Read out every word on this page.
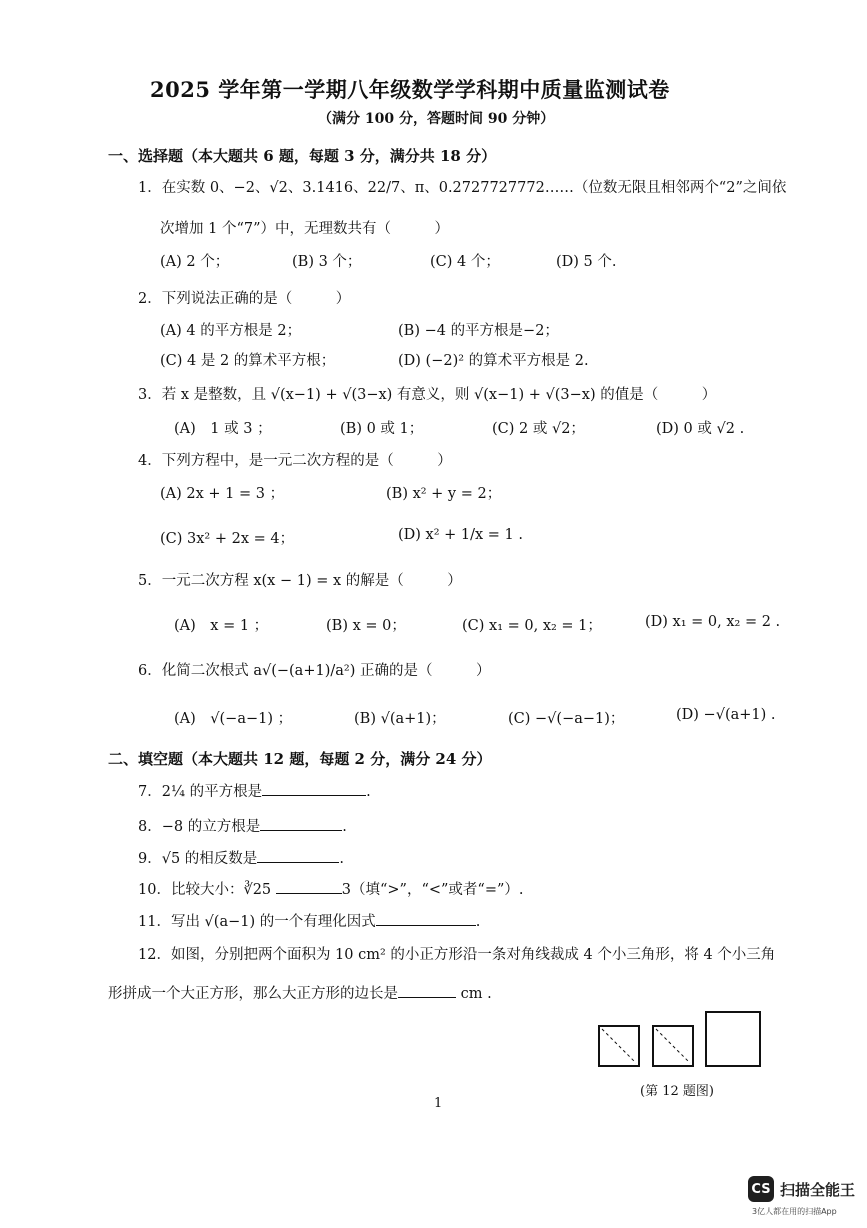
2025 学年第一学期八年级数学学科期中质量监测试卷
（满分 100 分，答题时间 90 分钟）
一、选择题（本大题共 6 题，每题 3 分，满分共 18 分）
1．在实数 0、−2、√2、3.1416、22/7、π、0.2727727772……（位数无限且相邻两个“2”之间依
次增加 1 个“7”）中，无理数共有（　　　）
(A) 2 个；	(B) 3 个；	(C) 4 个；	(D) 5 个.
2．下列说法正确的是（　　　）
(A) 4 的平方根是 2；	(B) −4 的平方根是−2；
(C) 4 是 2 的算术平方根；	(D) (−2)² 的算术平方根是 2.
3．若 x 是整数，且 √(x−1) + √(3−x) 有意义，则 √(x−1) + √(3−x) 的值是（　　　）
(A)　1 或 3 ；	(B) 0 或 1；	(C) 2 或 √2；	(D) 0 或 √2 .
4．下列方程中，是一元二次方程的是（　　　）
(A) 2x + 1 = 3 ；	(B) x² + y = 2；
(C) 3x² + 2x = 4；	(D) x² + 1/x = 1 .
5．一元二次方程 x(x − 1) = x 的解是（　　　）
(A)　x = 1 ；	(B) x = 0；	(C) x₁ = 0, x₂ = 1；	(D) x₁ = 0, x₂ = 2 .
6．化简二次根式 a√(−(a+1)/a²) 正确的是（　　　）
(A)　√(−a−1) ；	(B) √(a+1)；	(C) −√(−a−1)；	(D) −√(a+1) .
二、填空题（本大题共 12 题，每题 2 分，满分 24 分）
7．2¼ 的平方根是	.
8．−8 的立方根是	.
9．√5 的相反数是	.
10．比较大小：∛25	3（填“>”，“<”或者“=”）.
11．写出 √(a−1) 的一个有理化因式	.
12．如图，分别把两个面积为 10 cm² 的小正方形沿一条对角线裁成 4 个小三角形，将 4 个小三角
形拼成一个大正方形，那么大正方形的边长是	cm .
(第 12 题图)
1
CS 扫描全能王
3亿人都在用的扫描App
